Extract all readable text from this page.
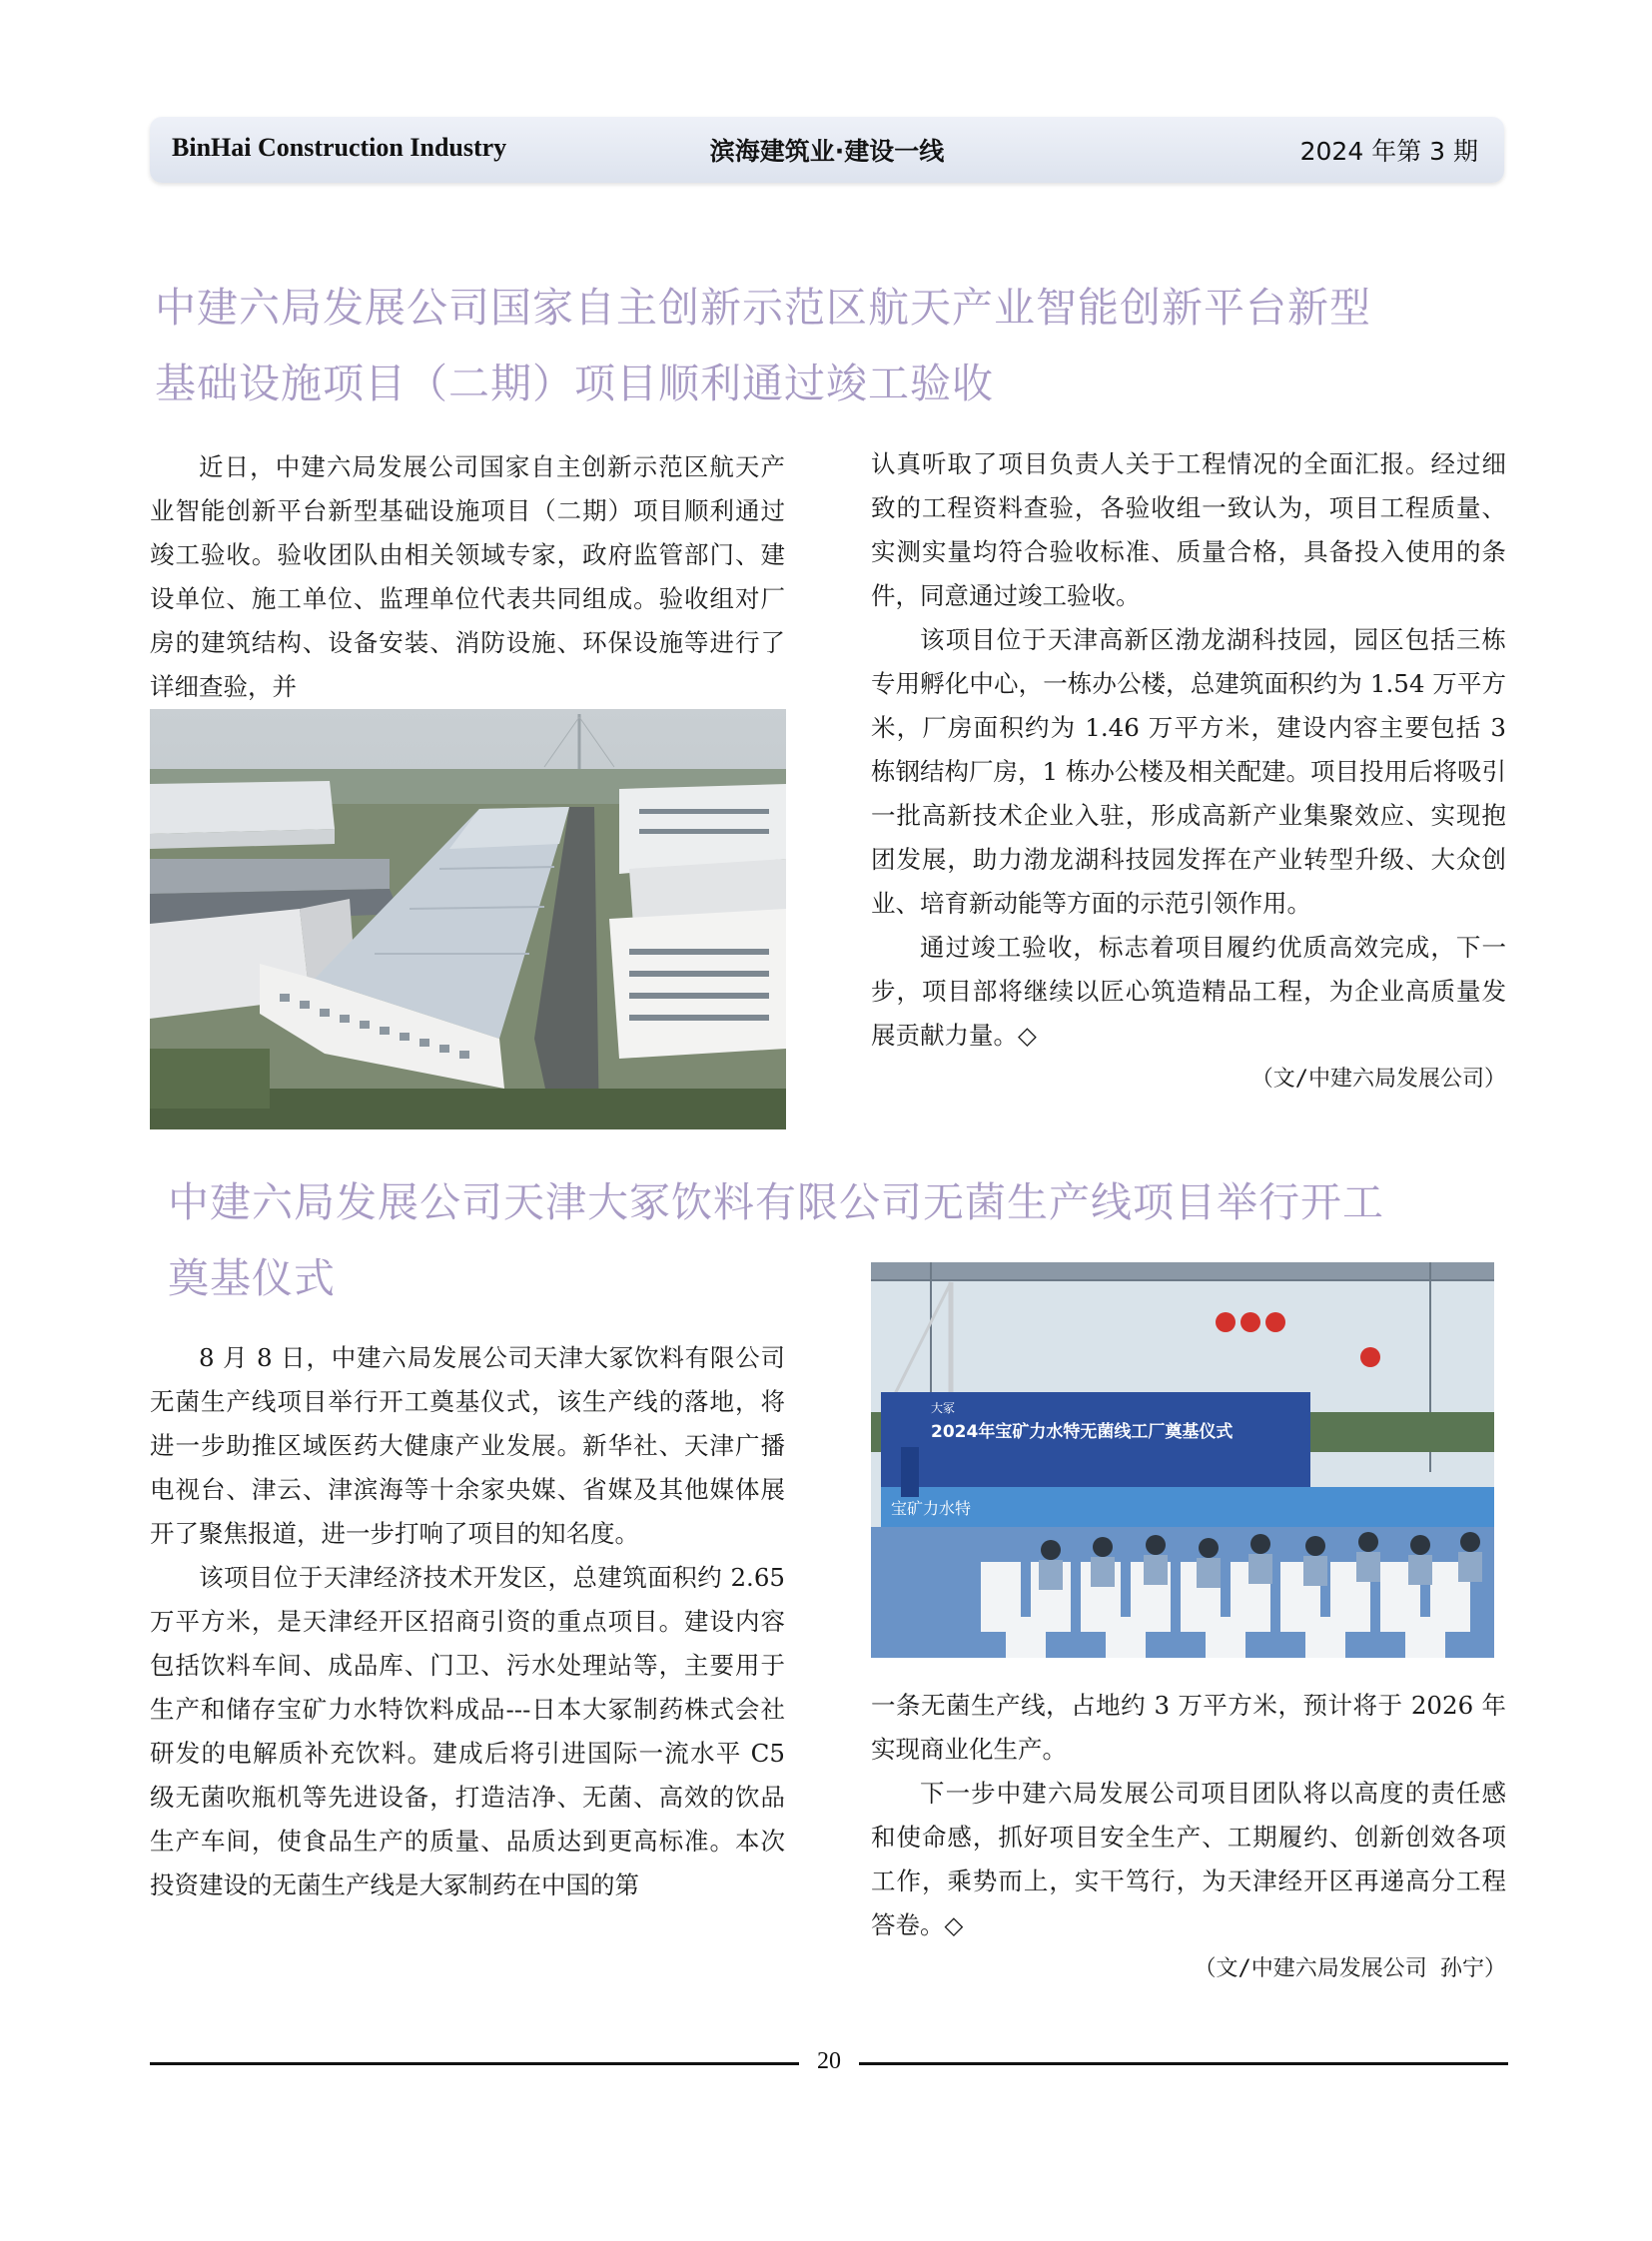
BinHai Construction Industry	滨海建筑业·建设一线	2024 年第 3 期
中建六局发展公司国家自主创新示范区航天产业智能创新平台新型
基础设施项目（二期）项目顺利通过竣工验收

近日，中建六局发展公司国家自主创新示范区航天产业智能创新平台新型基础设施项目（二期）项目顺利通过竣工验收。验收团队由相关领域专家，政府监管部门、建设单位、施工单位、监理单位代表共同组成。验收组对厂房的建筑结构、设备安装、消防设施、环保设施等进行了详细查验，并

认真听取了项目负责人关于工程情况的全面汇报。经过细致的工程资料查验，各验收组一致认为，项目工程质量、实测实量均符合验收标准、质量合格，具备投入使用的条件，同意通过竣工验收。

该项目位于天津高新区渤龙湖科技园，园区包括三栋专用孵化中心，一栋办公楼，总建筑面积约为 1.54 万平方米，厂房面积约为 1.46 万平方米，建设内容主要包括 3 栋钢结构厂房，1 栋办公楼及相关配建。项目投用后将吸引一批高新技术企业入驻，形成高新产业集聚效应、实现抱团发展，助力渤龙湖科技园发挥在产业转型升级、大众创业、培育新动能等方面的示范引领作用。

通过竣工验收，标志着项目履约优质高效完成，下一步，项目部将继续以匠心筑造精品工程，为企业高质量发展贡献力量。◇

（文/中建六局发展公司）

中建六局发展公司天津大冢饮料有限公司无菌生产线项目举行开工
奠基仪式

8 月 8 日，中建六局发展公司天津大冢饮料有限公司无菌生产线项目举行开工奠基仪式，该生产线的落地，将进一步助推区域医药大健康产业发展。新华社、天津广播电视台、津云、津滨海等十余家央媒、省媒及其他媒体展开了聚焦报道，进一步打响了项目的知名度。

该项目位于天津经济技术开发区，总建筑面积约 2.65 万平方米，是天津经开区招商引资的重点项目。建设内容包括饮料车间、成品库、门卫、污水处理站等，主要用于生产和储存宝矿力水特饮料成品---日本大冢制药株式会社研发的电解质补充饮料。建成后将引进国际一流水平 C5 级无菌吹瓶机等先进设备，打造洁净、无菌、高效的饮品生产车间，使食品生产的质量、品质达到更高标准。本次投资建设的无菌生产线是大冢制药在中国的第

大冢
2024年宝矿力水特无菌线工厂奠基仪式
宝矿力水特

一条无菌生产线，占地约 3 万平方米，预计将于 2026 年实现商业化生产。

下一步中建六局发展公司项目团队将以高度的责任感和使命感，抓好项目安全生产、工期履约、创新创效各项工作，乘势而上，实干笃行，为天津经开区再递高分工程答卷。◇

（文/中建六局发展公司 孙宁）

20
